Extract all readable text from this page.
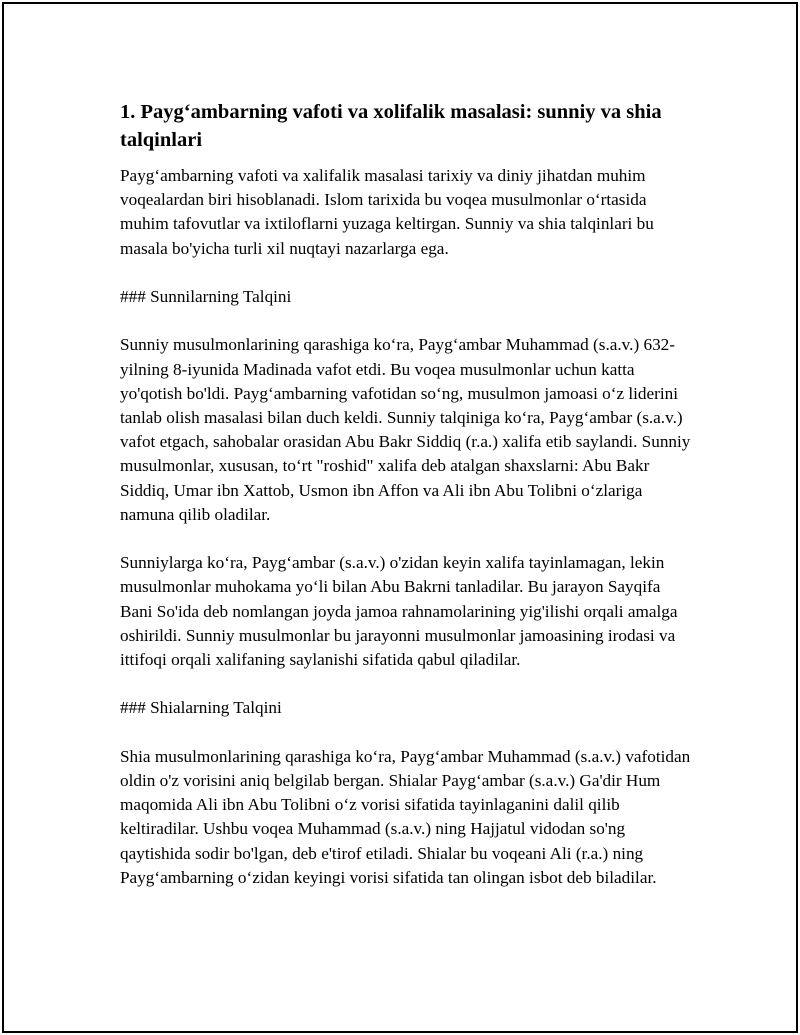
1. Payg‘ambarning vafoti va xolifalik masalasi: sunniy va shia talqinlari

Payg‘ambarning vafoti va xalifalik masalasi tarixiy va diniy jihatdan muhim voqealardan biri hisoblanadi. Islom tarixida bu voqea musulmonlar o‘rtasida muhim tafovutlar va ixtiloflarni yuzaga keltirgan. Sunniy va shia talqinlari bu masala bo'yicha turli xil nuqtayi nazarlarga ega.

### Sunnilarning Talqini

Sunniy musulmonlarining qarashiga ko‘ra, Payg‘ambar Muhammad (s.a.v.) 632-yilning 8-iyunida Madinada vafot etdi. Bu voqea musulmonlar uchun katta yo'qotish bo'ldi. Payg‘ambarning vafotidan so‘ng, musulmon jamoasi o‘z liderini tanlab olish masalasi bilan duch keldi. Sunniy talqiniga ko‘ra, Payg‘ambar (s.a.v.) vafot etgach, sahobalar orasidan Abu Bakr Siddiq (r.a.) xalifa etib saylandi. Sunniy musulmonlar, xususan, to‘rt "roshid" xalifa deb atalgan shaxslarni: Abu Bakr Siddiq, Umar ibn Xattob, Usmon ibn Affon va Ali ibn Abu Tolibni o‘zlariga namuna qilib oladilar.

Sunniylarga ko‘ra, Payg‘ambar (s.a.v.) o'zidan keyin xalifa tayinlamagan, lekin musulmonlar muhokama yo‘li bilan Abu Bakrni tanladilar. Bu jarayon Sayqifa Bani So'ida deb nomlangan joyda jamoa rahnamolarining yig'ilishi orqali amalga oshirildi. Sunniy musulmonlar bu jarayonni musulmonlar jamoasining irodasi va ittifoqi orqali xalifaning saylanishi sifatida qabul qiladilar.

### Shialarning Talqini

Shia musulmonlarining qarashiga ko‘ra, Payg‘ambar Muhammad (s.a.v.) vafotidan oldin o'z vorisini aniq belgilab bergan. Shialar Payg‘ambar (s.a.v.) Ga'dir Hum maqomida Ali ibn Abu Tolibni o‘z vorisi sifatida tayinlaganini dalil qilib keltiradilar. Ushbu voqea Muhammad (s.a.v.) ning Hajjatul vidodan so'ng qaytishida sodir bo'lgan, deb e'tirof etiladi. Shialar bu voqeani Ali (r.a.) ning Payg‘ambarning o‘zidan keyingi vorisi sifatida tan olingan isbot deb biladilar.
